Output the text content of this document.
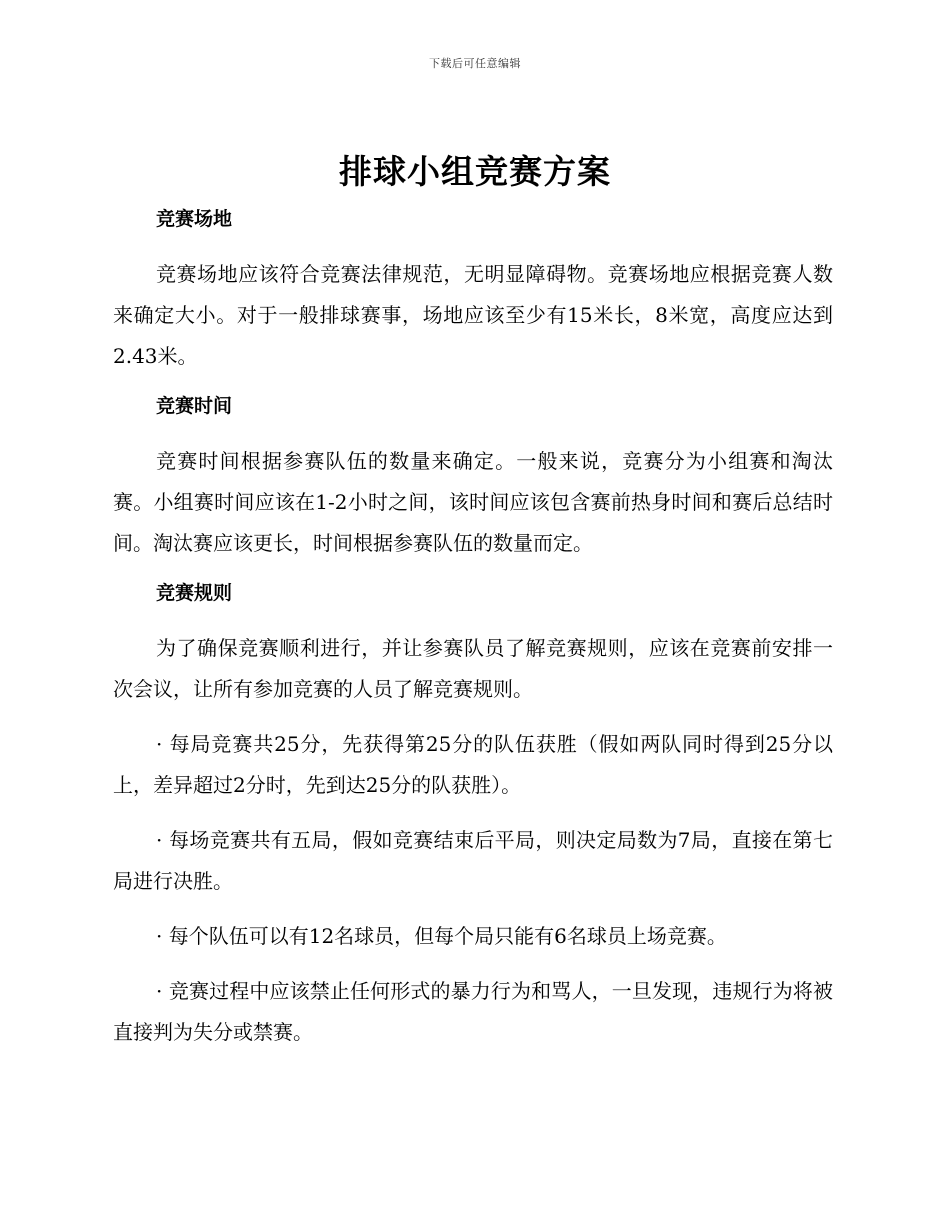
下载后可任意编辑
排球小组竞赛方案
竞赛场地

竞赛场地应该符合竞赛法律规范，无明显障碍物。竞赛场地应根据竞赛人数来确定大小。对于一般排球赛事，场地应该至少有15米长，8米宽，高度应达到2.43米。

竞赛时间

竞赛时间根据参赛队伍的数量来确定。一般来说，竞赛分为小组赛和淘汰赛。小组赛时间应该在1-2小时之间，该时间应该包含赛前热身时间和赛后总结时间。淘汰赛应该更长，时间根据参赛队伍的数量而定。

竞赛规则

为了确保竞赛顺利进行，并让参赛队员了解竞赛规则，应该在竞赛前安排一次会议，让所有参加竞赛的人员了解竞赛规则。

· 每局竞赛共25分，先获得第25分的队伍获胜（假如两队同时得到25分以上，差异超过2分时，先到达25分的队获胜）。

· 每场竞赛共有五局，假如竞赛结束后平局，则决定局数为7局，直接在第七局进行决胜。

· 每个队伍可以有12名球员，但每个局只能有6名球员上场竞赛。

· 竞赛过程中应该禁止任何形式的暴力行为和骂人，一旦发现，违规行为将被直接判为失分或禁赛。
